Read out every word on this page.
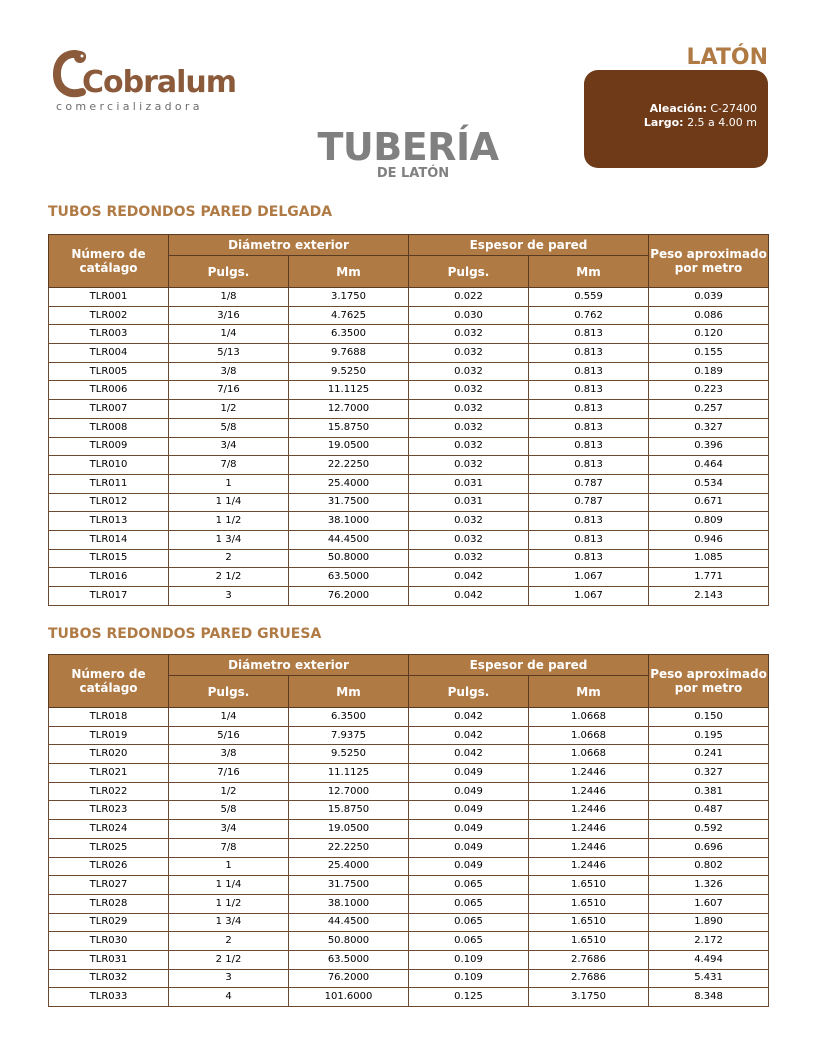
Cobralum
comercializadora
LATÓN
Aleación: C-27400
Largo: 2.5 a 4.00 m
TUBERÍA
DE LATÓN
TUBOS REDONDOS PARED DELGADA
Número de catálago	Diámetro exterior		Espesor de pared		Peso aproximado por metro
	Pulgs.	Mm	Pulgs.	Mm	
TLR001	1/8	3.1750	0.022	0.559	0.039
TLR002	3/16	4.7625	0.030	0.762	0.086
TLR003	1/4	6.3500	0.032	0.813	0.120
TLR004	5/13	9.7688	0.032	0.813	0.155
TLR005	3/8	9.5250	0.032	0.813	0.189
TLR006	7/16	11.1125	0.032	0.813	0.223
TLR007	1/2	12.7000	0.032	0.813	0.257
TLR008	5/8	15.8750	0.032	0.813	0.327
TLR009	3/4	19.0500	0.032	0.813	0.396
TLR010	7/8	22.2250	0.032	0.813	0.464
TLR011	1	25.4000	0.031	0.787	0.534
TLR012	1 1/4	31.7500	0.031	0.787	0.671
TLR013	1 1/2	38.1000	0.032	0.813	0.809
TLR014	1 3/4	44.4500	0.032	0.813	0.946
TLR015	2	50.8000	0.032	0.813	1.085
TLR016	2 1/2	63.5000	0.042	1.067	1.771
TLR017	3	76.2000	0.042	1.067	2.143
TUBOS REDONDOS PARED GRUESA
Número de catálago	Diámetro exterior		Espesor de pared		Peso aproximado por metro
	Pulgs.	Mm	Pulgs.	Mm	
TLR018	1/4	6.3500	0.042	1.0668	0.150
TLR019	5/16	7.9375	0.042	1.0668	0.195
TLR020	3/8	9.5250	0.042	1.0668	0.241
TLR021	7/16	11.1125	0.049	1.2446	0.327
TLR022	1/2	12.7000	0.049	1.2446	0.381
TLR023	5/8	15.8750	0.049	1.2446	0.487
TLR024	3/4	19.0500	0.049	1.2446	0.592
TLR025	7/8	22.2250	0.049	1.2446	0.696
TLR026	1	25.4000	0.049	1.2446	0.802
TLR027	1 1/4	31.7500	0.065	1.6510	1.326
TLR028	1 1/2	38.1000	0.065	1.6510	1.607
TLR029	1 3/4	44.4500	0.065	1.6510	1.890
TLR030	2	50.8000	0.065	1.6510	2.172
TLR031	2 1/2	63.5000	0.109	2.7686	4.494
TLR032	3	76.2000	0.109	2.7686	5.431
TLR033	4	101.6000	0.125	3.1750	8.348
